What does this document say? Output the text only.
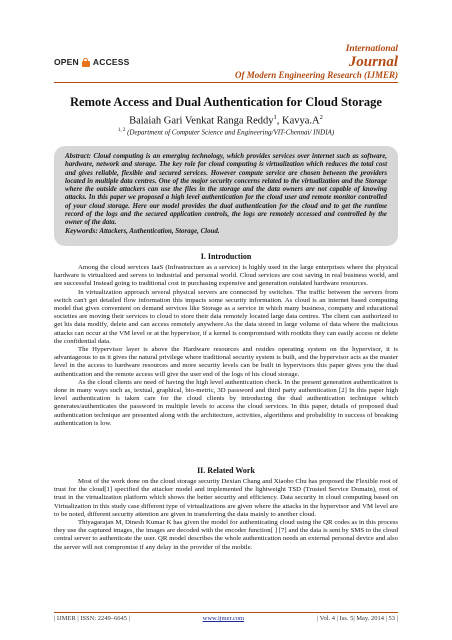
OPEN ACCESS
International
Journal
Of Modern Engineering Research (IJMER)
Remote Access and Dual Authentication for Cloud Storage
Balaiah Gari Venkat Ranga Reddy$^1$, $Kavya.A^2$
$^{1, 2}$ (Department of Computer Science and Engineering/VIT-Chennai/ INDIA)
Abstract: Cloud computing is an emerging technology, which provides services over internet such as software, hardware, network and storage. The key role for cloud computing is virtualization which reduces the total cost and gives reliable, flexible and secured services. However compute service are chosen between the providers located in multiple data centres. One of the major security concerns related to the virtualization and the Storage where the outside attackers can use the files in the storage and the data owners are not capable of knowing attacks. In this paper we proposed a high level authentication for the cloud user and remote monitor controlled of your cloud storage. Here our model provides the dual authentication for the cloud and to get the runtime record of the logs and the secured application controls, the logs are remotely accessed and controlled by the owner of the data.
Keywords: Attackers, Authentication, Storage, Cloud.
I. Introduction

Among the cloud services IaaS (Infrastructure as a service) is highly used in the large enterprises where the physical hardware is virtualized and serves to industrial and personal world. Cloud services are cost saving in real business world, and are successful Instead going to traditional cost in purchasing expensive and generation outdated hardware resources.

In virtualization approach several physical servers are connected by switches. The traffic between the servers from switch can't get detailed flow information this impacts some security information. As cloud is an internet based computing model that gives convenient on demand services like Storage as a service in which many business, company and educational societies are moving their services to cloud to store their data remotely located large data centres. The client can authorized to get his data modify, delete and can access remotely anywhere.As the data stored in large volume of data where the malicious attacks can occur at the VM level or at the hypervisor, if a kernel is compromised with rootkits they can easily access or delete the confidential data.

The Hypervisor layer is above the Hardware resources and resides operating system on the hypervisor, it is advantageous to us it gives the natural privilege where traditional security system is built, and the hypervisor acts as the master level in the access to hardware resources and more security levels can be built in hypervisors this paper gives you the dual authentication and the remote access will give the user end of the logs of his cloud storage.

As the cloud clients are need of having the high level authentication check. In the present generation authentication is done in many ways such as, textual, graphical, bio-metric, 3D password and third party authentication [2] In this paper high level authentication is taken care for the cloud clients by introducing the dual authentication technique which generates/authenticates the password in multiple levels to access the cloud services. In this paper, details of proposed dual authentication technique are presented along with the architecture, activities, algorithms and probability in success of breaking authentication is low.

II. Related Work

Most of the work done on the cloud storage security Dexian Chang and Xiaobo Chu has proposed the Flexible root of trust for the cloud[1] specified the attacker model and implemented the lightweight TSD (Trusted Service Domain), root of trust in the virtualization platform which shows the better security and efficiency. Data security in cloud computing based on Virtualization in this study case different type of virtualizations are given where the attacks in the hypervisor and VM level are to be noted, different security attention are given in transferring the data mainly to another cloud.

Thiyagarajan M, Dinesh Kumar K has given the model for authenticating cloud using the QR codes as in this process they use the captured images, the images are decoded with the encoder function[ ] [7] and the data is sent by SMS to the cloud central server to authenticate the user. QR model describes the whole authentication needs an external personal device and also the server will not compromise if any delay in the provider of the mobile.

| IJMER | ISSN: 2249–6645 |	www.ijmer.com	| Vol. 4 | Iss. 5| May. 2014 | 53 |
